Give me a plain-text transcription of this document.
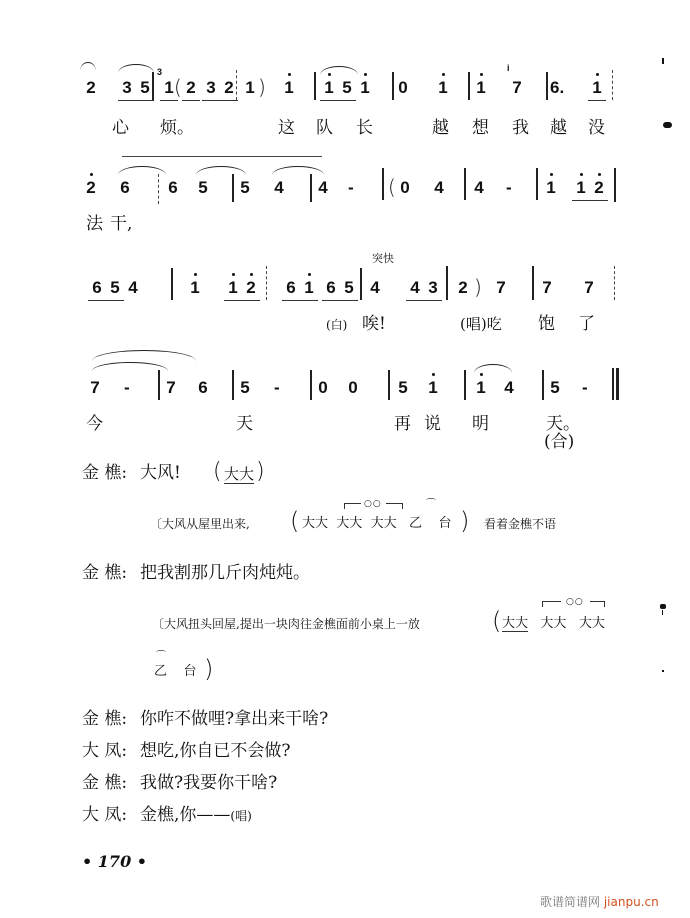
2 3 5
3
1 ( 2 3 2 1 ) 1 1 5 1 0 1 1
i
7 6.	1
心 烦。	这 队 长	越 想 我 越 没
2 6 6 5 5 4 4 - ( 0 4 4 - 1 1 2
法 干,
突快
6 5 4	1 1 2 6 1 6 5 4 4 3 2 ) 7 7 7
(白) 唉!	(唱)吃 饱 了
7 - 7 6 5 - 0 0 5 1 1 4 5 -
今	天	再 说 明	天。
(合)
金 樵: 大风! ( 大大 )
〔大风从屋里出来, (
○○	⌒
大大 大大 大大 乙 台 ) 看着金樵不语
金 樵: 把我割那几斤肉炖炖。
〔大风扭头回屋,提出一块肉往金樵面前小桌上一放	(
○○
大大 大大 大大
⌒
乙 台 )
金 樵: 你咋不做哩?拿出来干啥?
大 凤: 想吃,你自已不会做?
金 樵: 我做?我要你干啥?
大 凤: 金樵,你——(唱)
• 170 •
歌谱简谱网 jianpu.cn
